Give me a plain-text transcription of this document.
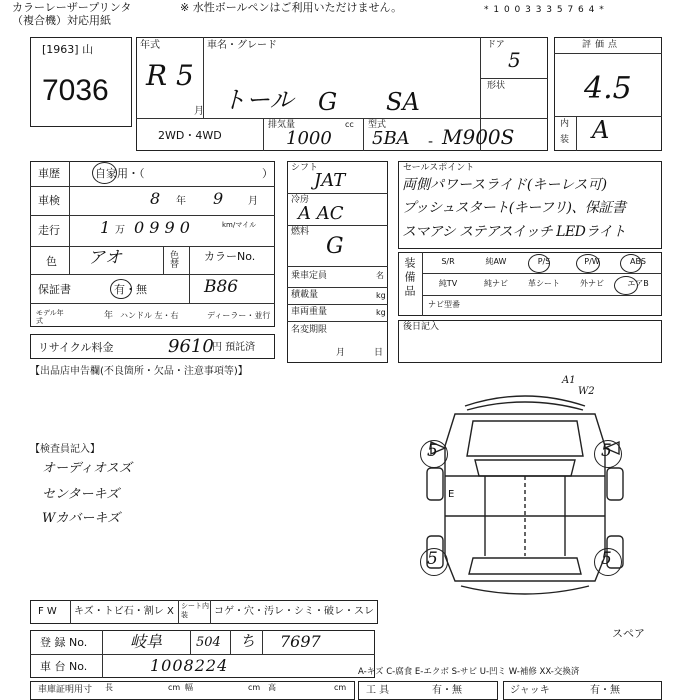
カラーレーザープリンタ
（複合機）対応用紙
※ 水性ボールペンはご利用いただけません。	* 1 0 0 3 3 3 5 7 6 4 *
[1963] 山
7036
年式
R 5
月
車名・グレード
トール G SA
ドア
5
形状
2WD・4WD
排気量	cc
1000
型式
5BA - M900S
評価点
4.5
内
装 A
車歴	自家用・（	）
車検	8 年 9 月
走行	1 万 0 9 9 0	km/マイル
色 アオ	色替 カラーNo.
保証書	有・無	B86
モデル年式	年 ハンドル 左・右	ディーラー・並行
リサイクル料金	9610
円 預託済
シフト
JAT
冷房
A AC
燃料
G
乗車定員	名
積載量	kg
車両重量	kg
名変期限
月	日
セールスポイント
両側パワースライド(キーレス可)
プッシュスタート(キーフリ)、保証書
スマアシ ステアスイッチ LEDライト
装備品	S/R	純AW	P/S	P/W	ABS
純TV	純ナビ	革シート	外ナビ	エアB
ナビ型番
後日記入
【出品店申告欄(不良箇所・欠品・注意事項等)】
【検査員記入】
オーディオスズ
センターキズ
Wカバーキズ
5	5
5	5
E
A1
W2
スペア
F W キズ・トビ石・割レ X シート内装	コゲ・穴・汚レ・シミ・破レ・スレ
登 録 No.	岐阜	504 ち 7697
車 台 No.	1008224
車庫証明用寸 長	cm 幅	cm 高	cm
A-キズ C-腐食 E-エクボ S-サビ U-凹ミ W-補修 XX-交換済
工 具	有・無	ジャッキ	有・無
